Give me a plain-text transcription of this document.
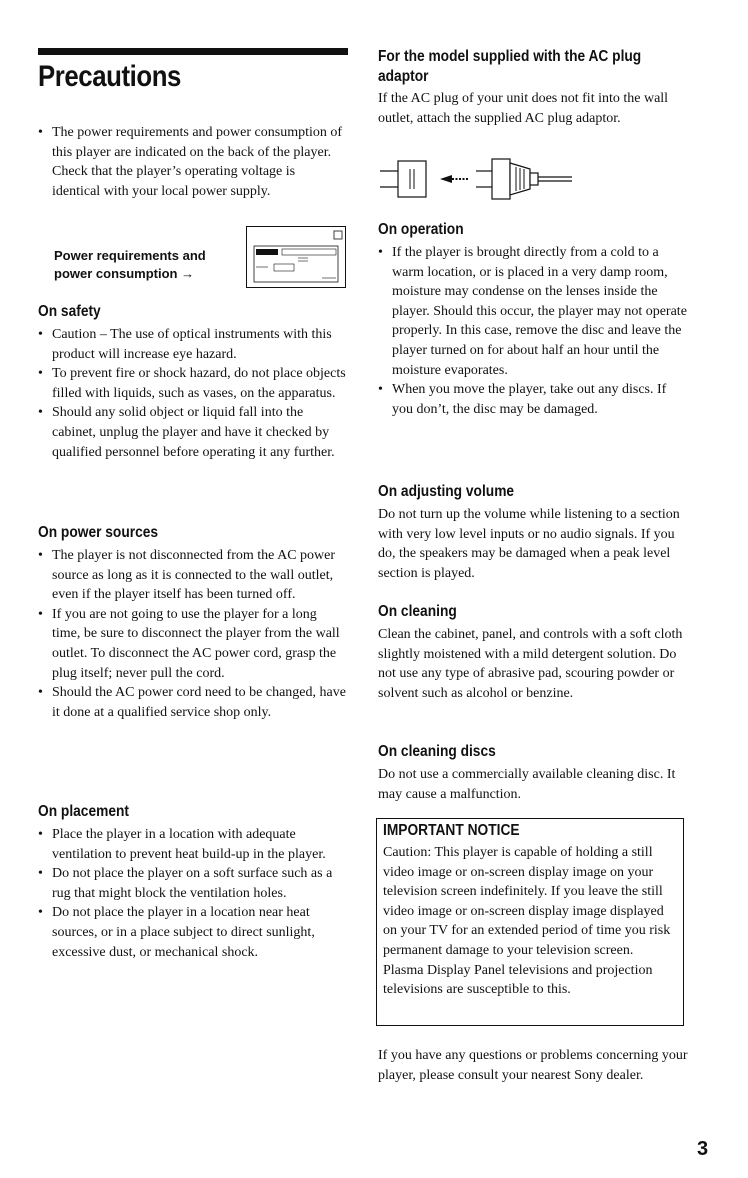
Precautions
• The power requirements and power consumption of this player are indicated on the back of the player. Check that the player’s operating voltage is identical with your local power supply.
Power requirements and
power consumption →
On safety
• Caution – The use of optical instruments with this product will increase eye hazard.
• To prevent fire or shock hazard, do not place objects filled with liquids, such as vases, on the apparatus.
• Should any solid object or liquid fall into the cabinet, unplug the player and have it checked by qualified personnel before operating it any further.
On power sources
• The player is not disconnected from the AC power source as long as it is connected to the wall outlet, even if the player itself has been turned off.
• If you are not going to use the player for a long time, be sure to disconnect the player from the wall outlet. To disconnect the AC power cord, grasp the plug itself; never pull the cord.
• Should the AC power cord need to be changed, have it done at a qualified service shop only.
On placement
• Place the player in a location with adequate ventilation to prevent heat build-up in the player.
• Do not place the player on a soft surface such as a rug that might block the ventilation holes.
• Do not place the player in a location near heat sources, or in a place subject to direct sunlight, excessive dust, or mechanical shock.
For the model supplied with the AC plug
adaptor

If the AC plug of your unit does not fit into the wall outlet, attach the supplied AC plug adaptor.

On operation
• If the player is brought directly from a cold to a warm location, or is placed in a very damp room, moisture may condense on the lenses inside the player. Should this occur, the player may not operate properly. In this case, remove the disc and leave the player turned on for about half an hour until the moisture evaporates.
• When you move the player, take out any discs. If you don’t, the disc may be damaged.
On adjusting volume

Do not turn up the volume while listening to a section with very low level inputs or no audio signals. If you do, the speakers may be damaged when a peak level section is played.

On cleaning

Clean the cabinet, panel, and controls with a soft cloth slightly moistened with a mild detergent solution. Do not use any type of abrasive pad, scouring powder or solvent such as alcohol or benzine.

On cleaning discs

Do not use a commercially available cleaning disc. It may cause a malfunction.

IMPORTANT NOTICE

Caution: This player is capable of holding a still video image or on-screen display image on your television screen indefinitely. If you leave the still video image or on-screen display image displayed on your TV for an extended period of time you risk permanent damage to your television screen. Plasma Display Panel televisions and projection televisions are susceptible to this.

If you have any questions or problems concerning your player, please consult your nearest Sony dealer.

3
